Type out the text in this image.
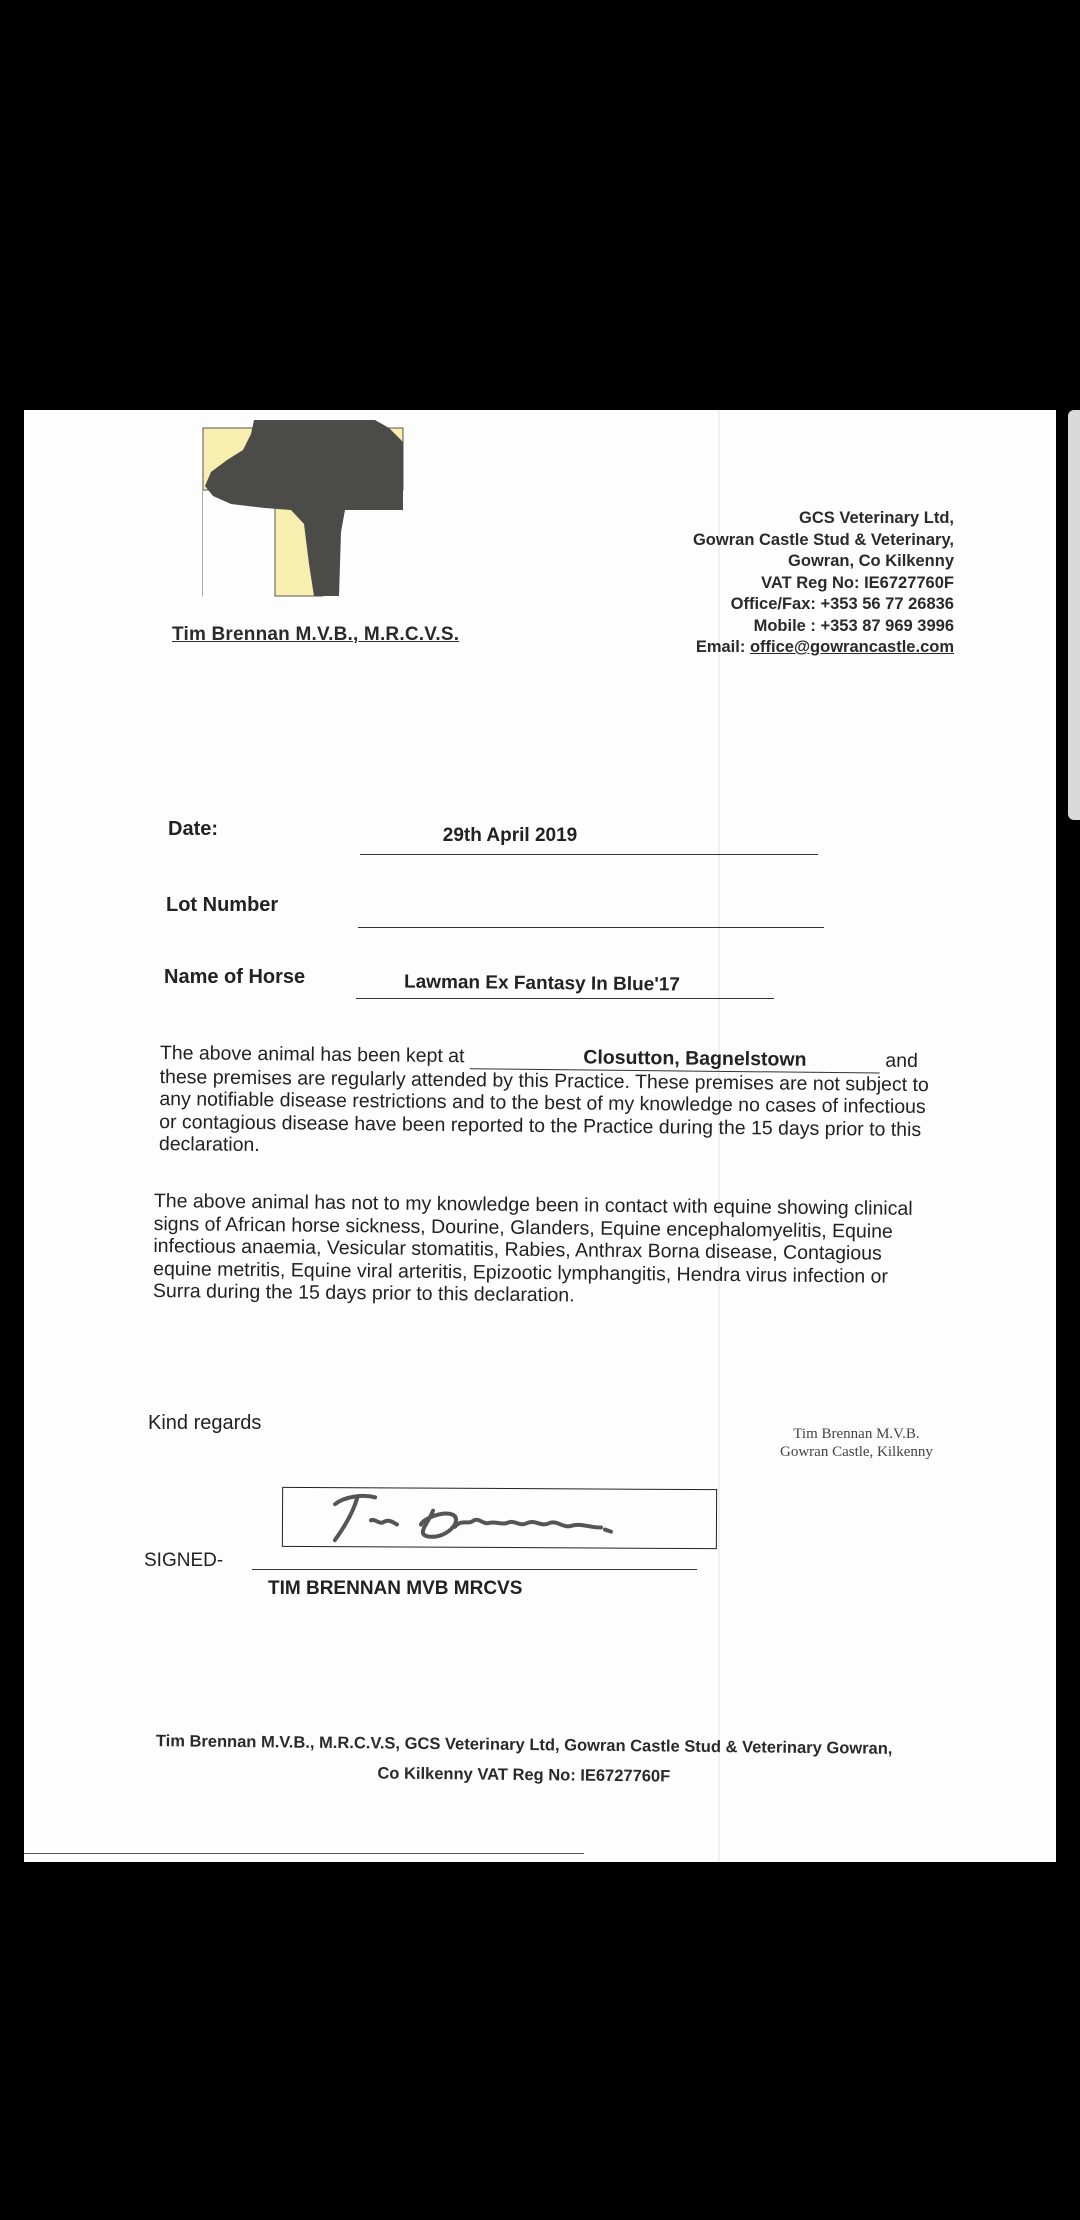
Tim Brennan M.V.B., M.R.C.V.S.
GCS Veterinary Ltd,
Gowran Castle Stud & Veterinary,
Gowran, Co Kilkenny
VAT Reg No: IE6727760F
Office/Fax: +353 56 77 26836
Mobile : +353 87 969 3996
Email: office@gowrancastle.com
Date:	29th April 2019
Lot Number
Name of Horse	Lawman Ex Fantasy In Blue'17
The above animal has been kept at	Closutton, Bagnelstown	and these premises are regularly attended by this Practice. These premises are not subject to any notifiable disease restrictions and to the best of my knowledge no cases of infectious or contagious disease have been reported to the Practice during the 15 days prior to this declaration.
The above animal has not to my knowledge been in contact with equine showing clinical signs of African horse sickness, Dourine, Glanders, Equine encephalomyelitis, Equine infectious anaemia, Vesicular stomatitis, Rabies, Anthrax Borna disease, Contagious equine metritis, Equine viral arteritis, Epizootic lymphangitis, Hendra virus infection or Surra during the 15 days prior to this declaration.
Kind regards	Tim Brennan M.V.B.
Gowran Castle, Kilkenny
SIGNED-
TIM BRENNAN MVB MRCVS
Tim Brennan M.V.B., M.R.C.V.S, GCS Veterinary Ltd, Gowran Castle Stud & Veterinary Gowran,
Co Kilkenny VAT Reg No: IE6727760F
